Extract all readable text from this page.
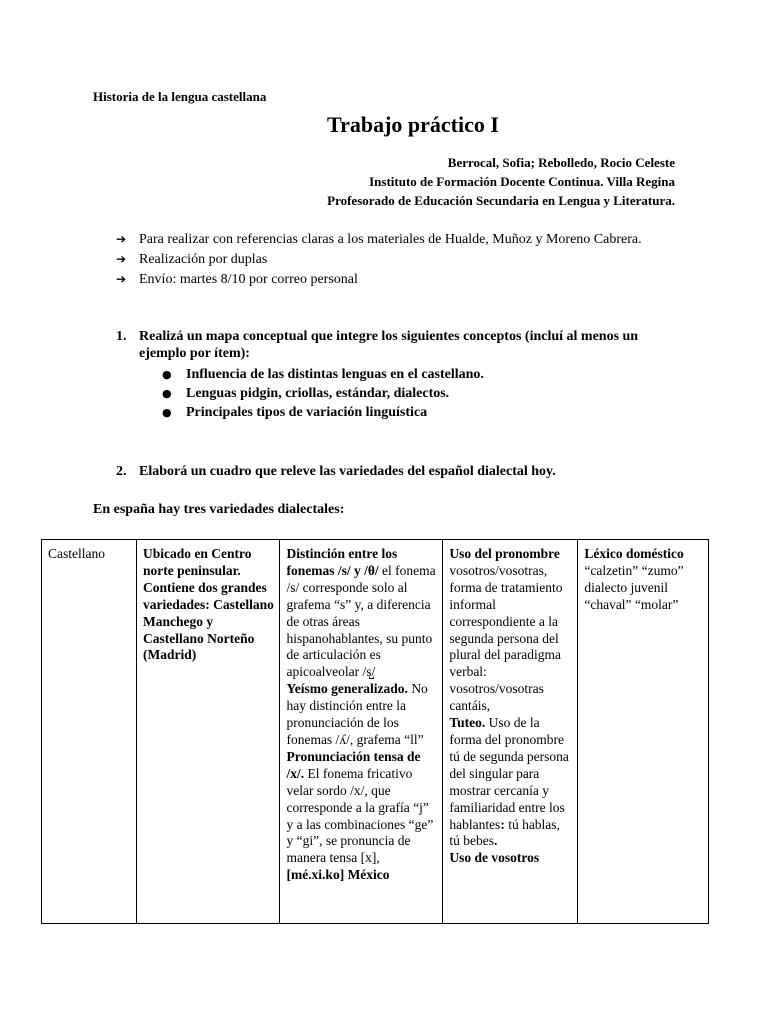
Historia de la lengua castellana
Trabajo práctico I
Berrocal, Sofia; Rebolledo, Rocio Celeste
Instituto de Formación Docente Continua. Villa Regina
Profesorado de Educación Secundaria en Lengua y Literatura.
➔ Para realizar con referencias claras a los materiales de Hualde, Muñoz y Moreno Cabrera.
➔ Realización por duplas
➔ Envío: martes 8/10 por correo personal
1. Realizá un mapa conceptual que integre los siguientes conceptos (incluí al menos un ejemplo por ítem):
● Influencia de las distintas lenguas en el castellano.
● Lenguas pidgin, criollas, estándar, dialectos.
● Principales tipos de variación linguística
2. Elaborá un cuadro que releve las variedades del español dialectal hoy.
En españa hay tres variedades dialectales:
Castellano	Ubicado en Centro norte peninsular. Contiene dos grandes variedades: Castellano Manchego y Castellano Norteño (Madrid)	Distinción entre los fonemas /s/ y /θ/ el fonema /s/ corresponde solo al grafema “s” y, a diferencia de otras áreas hispanohablantes, su punto de articulación es apicoalveolar /s̺/
Yeísmo generalizado. No hay distinción entre la pronunciación de los fonemas /ʎ/, grafema “ll”
Pronunciación tensa de /x/. El fonema fricativo velar sordo /x/, que corresponde a la grafía “j” y a las combinaciones “ge” y “gi”, se pronuncia de manera tensa [x],
[mé.xi.ko] México	Uso del pronombre vosotros/vosotras, forma de tratamiento informal correspondiente a la segunda persona del plural del paradigma verbal: vosotros/vosotras cantáis,
Tuteo. Uso de la forma del pronombre tú de segunda persona del singular para mostrar cercanía y familiaridad entre los hablantes: tú hablas, tú bebes.
Uso de vosotros	Léxico doméstico “calzetin” “zumo” dialecto juvenil “chaval” “molar”
